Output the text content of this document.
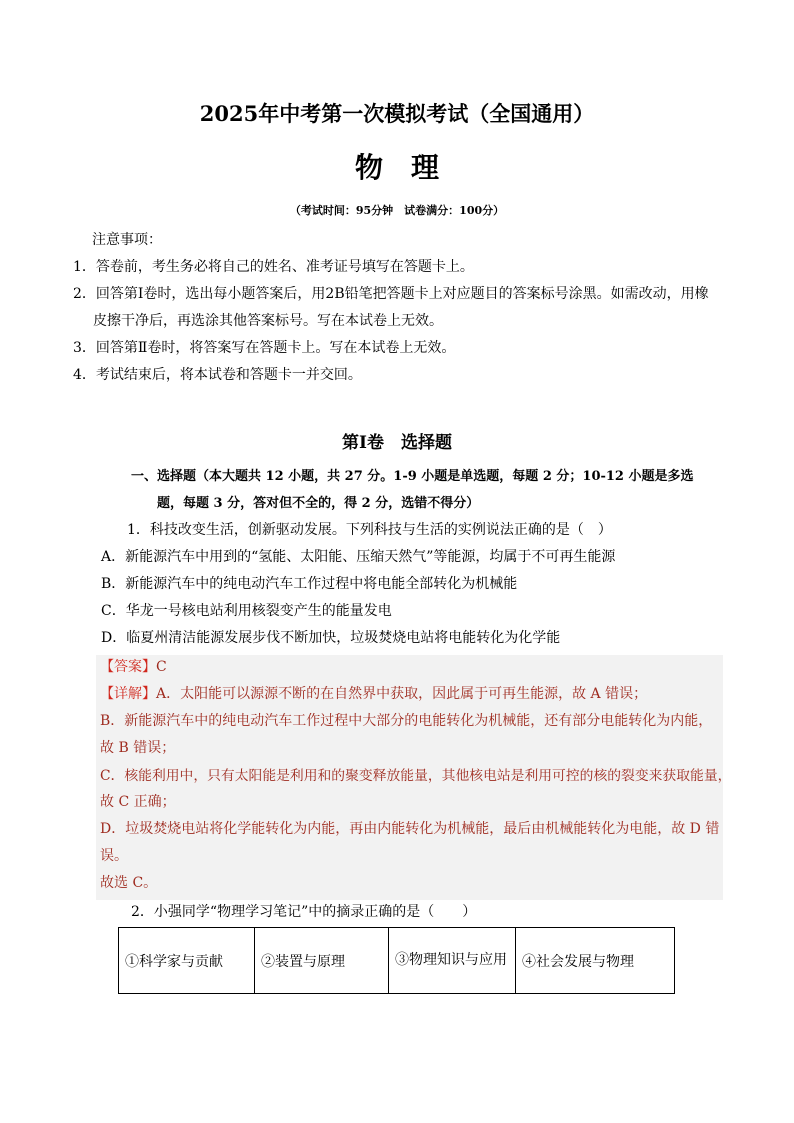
2025年中考第一次模拟考试（全国通用）
物理
（考试时间：95分钟　试卷满分：100分）
注意事项：
1．答卷前，考生务必将自己的姓名、准考证号填写在答题卡上。
2．回答第Ⅰ卷时，选出每小题答案后，用2B铅笔把答题卡上对应题目的答案标号涂黑。如需改动，用橡
皮擦干净后，再选涂其他答案标号。写在本试卷上无效。
3．回答第Ⅱ卷时，将答案写在答题卡上。写在本试卷上无效。
4．考试结束后，将本试卷和答题卡一并交回。
第Ⅰ卷　选择题
一、选择题（本大题共 12 小题，共 27 分。1-9 小题是单选题，每题 2 分；10-12 小题是多选
题，每题 3 分，答对但不全的，得 2 分，选错不得分）
1．科技改变生活，创新驱动发展。下列科技与生活的实例说法正确的是（　）
A．新能源汽车中用到的“氢能、太阳能、压缩天然气”等能源，均属于不可再生能源
B．新能源汽车中的纯电动汽车工作过程中将电能全部转化为机械能
C．华龙一号核电站利用核裂变产生的能量发电
D．临夏州清洁能源发展步伐不断加快，垃圾焚烧电站将电能转化为化学能
【答案】C
【详解】A．太阳能可以源源不断的在自然界中获取，因此属于可再生能源，故 A 错误；
B．新能源汽车中的纯电动汽车工作过程中大部分的电能转化为机械能，还有部分电能转化为内能，
故 B 错误；
C．核能利用中，只有太阳能是利用和的聚变释放能量，其他核电站是利用可控的核的裂变来获取能量，
故 C 正确；
D．垃圾焚烧电站将化学能转化为内能，再由内能转化为机械能，最后由机械能转化为电能，故 D 错
误。
故选 C。
2．小强同学“物理学习笔记”中的摘录正确的是（　　）
①科学家与贡献	②装置与原理	③物理知识与应用	④社会发展与物理
